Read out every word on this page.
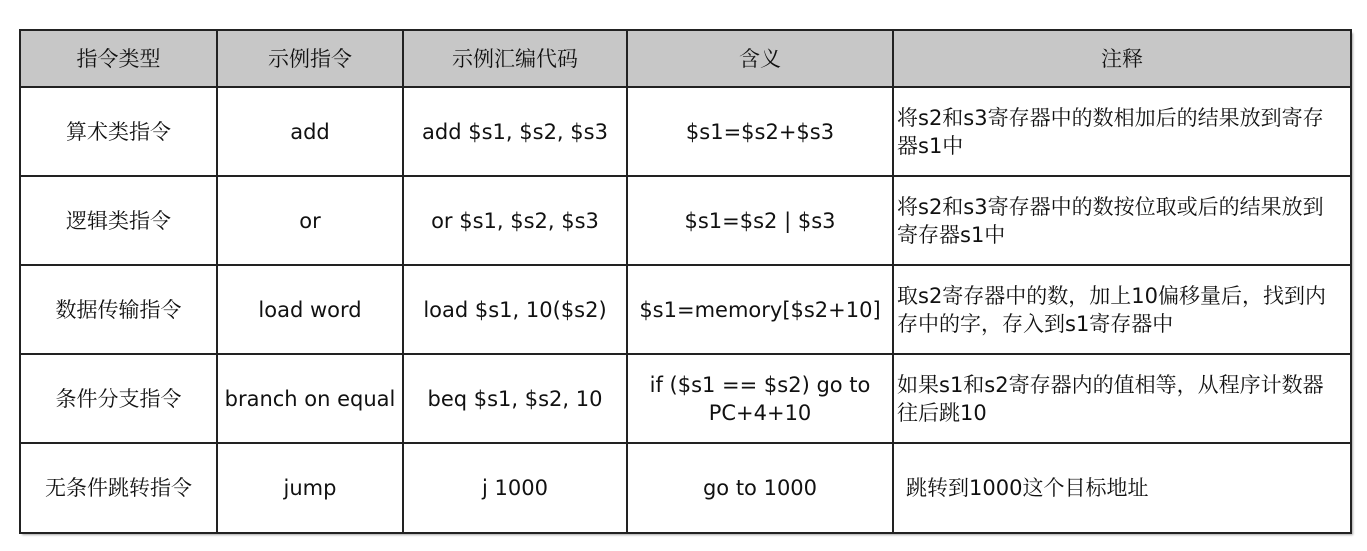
指令类型	示例指令	示例汇编代码	含义	注释
算术类指令	add	add $s1, $s2, $s3	$s1=$s2+$s3	将s2和s3寄存器中的数相加后的结果放到寄存器s1中
逻辑类指令	or	or $s1, $s2, $s3	$s1=$s2 | $s3	将s2和s3寄存器中的数按位取或后的结果放到寄存器s1中
数据传输指令	load word	load $s1, 10($s2)	$s1=memory[$s2+10]	取s2寄存器中的数，加上10偏移量后，找到内存中的字，存入到s1寄存器中
条件分支指令	branch on equal	beq $s1, $s2, 10	if ($s1 == $s2) go to PC+4+10	如果s1和s2寄存器内的值相等，从程序计数器往后跳10
无条件跳转指令	jump	j 1000	go to 1000	跳转到1000这个目标地址
